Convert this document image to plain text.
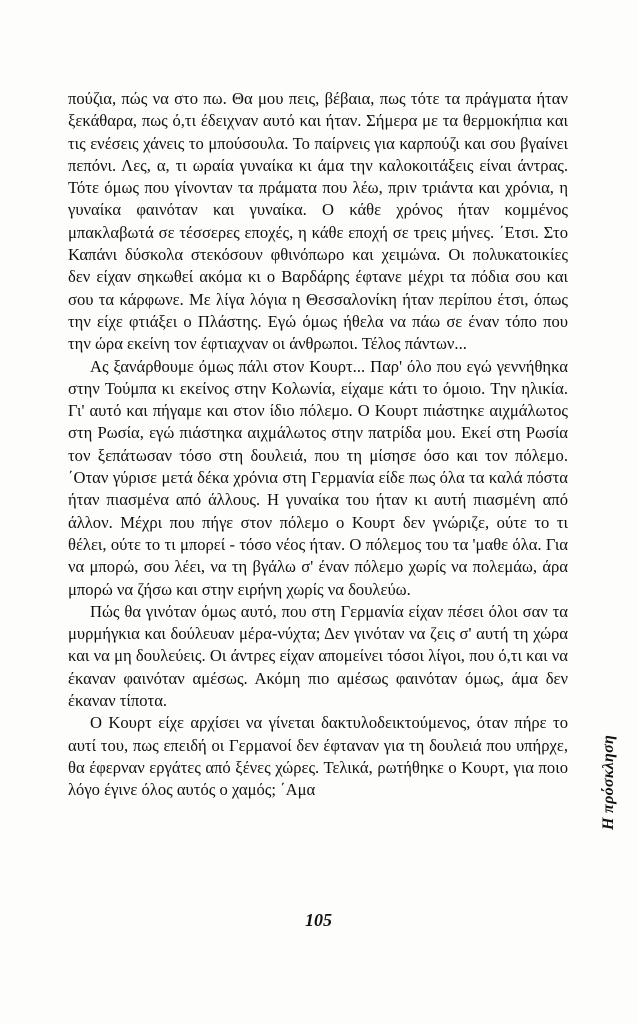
πούζια, πώς να στο πω. Θα μου πεις, βέβαια, πως τότε τα πράγματα ήταν ξεκάθαρα, πως ό,τι έδειχναν αυτό και ήταν. Σήμερα με τα θερμοκήπια και τις ενέσεις χάνεις το μπούσουλα. Το παίρνεις για καρπούζι και σου βγαίνει πεπόνι. Λες, α, τι ωραία γυναίκα κι άμα την καλοκοιτάξεις είναι άντρας. Τότε όμως που γίνονταν τα πράματα που λέω, πριν τριάντα και χρόνια, η γυναίκα φαινόταν και γυναίκα. Ο κάθε χρόνος ήταν κομμένος μπακλαβωτά σε τέσσερες εποχές, η κάθε εποχή σε τρεις μήνες. ΄Ετσι. Στο Καπάνι δύσκολα στεκόσουν φθινόπωρο και χειμώνα. Οι πολυκατοικίες δεν είχαν σηκωθεί ακόμα κι ο Βαρδάρης έφτανε μέχρι τα πόδια σου και σου τα κάρφωνε. Με λίγα λόγια η Θεσσαλονίκη ήταν περίπου έτσι, όπως την είχε φτιάξει ο Πλάστης. Εγώ όμως ήθελα να πάω σε έναν τόπο που την ώρα εκείνη τον έφτιαχναν οι άνθρωποι. Τέλος πάντων...

Ας ξανάρθουμε όμως πάλι στον Κουρτ... Παρ' όλο που εγώ γεννήθηκα στην Τούμπα κι εκείνος στην Κολωνία, είχαμε κάτι το όμοιο. Την ηλικία. Γι' αυτό και πήγαμε και στον ίδιο πόλεμο. Ο Κουρτ πιάστηκε αιχμάλωτος στη Ρωσία, εγώ πιάστηκα αιχμάλωτος στην πατρίδα μου. Εκεί στη Ρωσία τον ξεπάτωσαν τόσο στη δουλειά, που τη μίσησε όσο και τον πόλεμο. ΄Οταν γύρισε μετά δέκα χρόνια στη Γερμανία είδε πως όλα τα καλά πόστα ήταν πιασμένα από άλλους. Η γυναίκα του ήταν κι αυτή πιασμένη από άλλον. Μέχρι που πήγε στον πόλεμο ο Κουρτ δεν γνώριζε, ούτε το τι θέλει, ούτε το τι μπορεί - τόσο νέος ήταν. Ο πόλεμος του τα 'μαθε όλα. Για να μπορώ, σου λέει, να τη βγάλω σ' έναν πόλεμο χωρίς να πολεμάω, άρα μπορώ να ζήσω και στην ειρήνη χωρίς να δουλεύω.

Πώς θα γινόταν όμως αυτό, που στη Γερμανία είχαν πέσει όλοι σαν τα μυρμήγκια και δούλευαν μέρα-νύχτα; Δεν γινόταν να ζεις σ' αυτή τη χώρα και να μη δουλεύεις. Οι άντρες είχαν απομείνει τόσοι λίγοι, που ό,τι και να έκαναν φαινόταν αμέσως. Ακόμη πιο αμέσως φαινόταν όμως, άμα δεν έκαναν τίποτα.

Ο Κουρτ είχε αρχίσει να γίνεται δακτυλοδεικτούμενος, όταν πήρε το αυτί του, πως επειδή οι Γερμανοί δεν έφταναν για τη δουλειά που υπήρχε, θα έφερναν εργάτες από ξένες χώρες. Τελικά, ρωτήθηκε ο Κουρτ, για ποιο λόγο έγινε όλος αυτός ο χαμός; ΄Αμα	Η πρόσκληση
105
